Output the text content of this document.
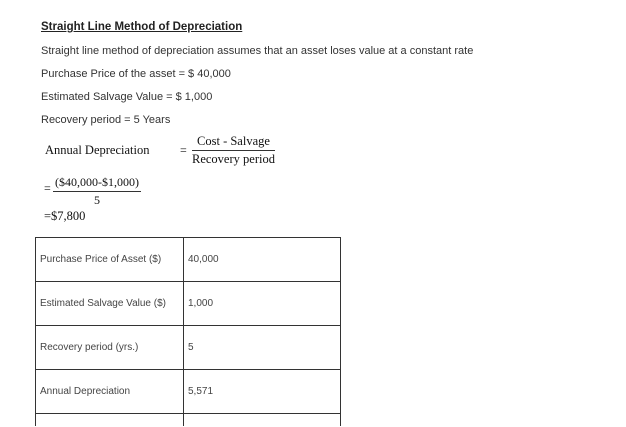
Straight Line Method of Depreciation
Straight line method of depreciation assumes that an asset loses value at a constant rate
Purchase Price of the asset = $ 40,000
Estimated Salvage Value = $ 1,000
Recovery period = 5 Years
Annual Depreciation	=
Cost - Salvage
Recovery period
= ($40,000-$1,000)
5
=$7,800
Purchase Price of Asset ($)	40,000
Estimated Salvage Value ($)	1,000
Recovery period (yrs.)	5
Annual Depreciation	5,571
